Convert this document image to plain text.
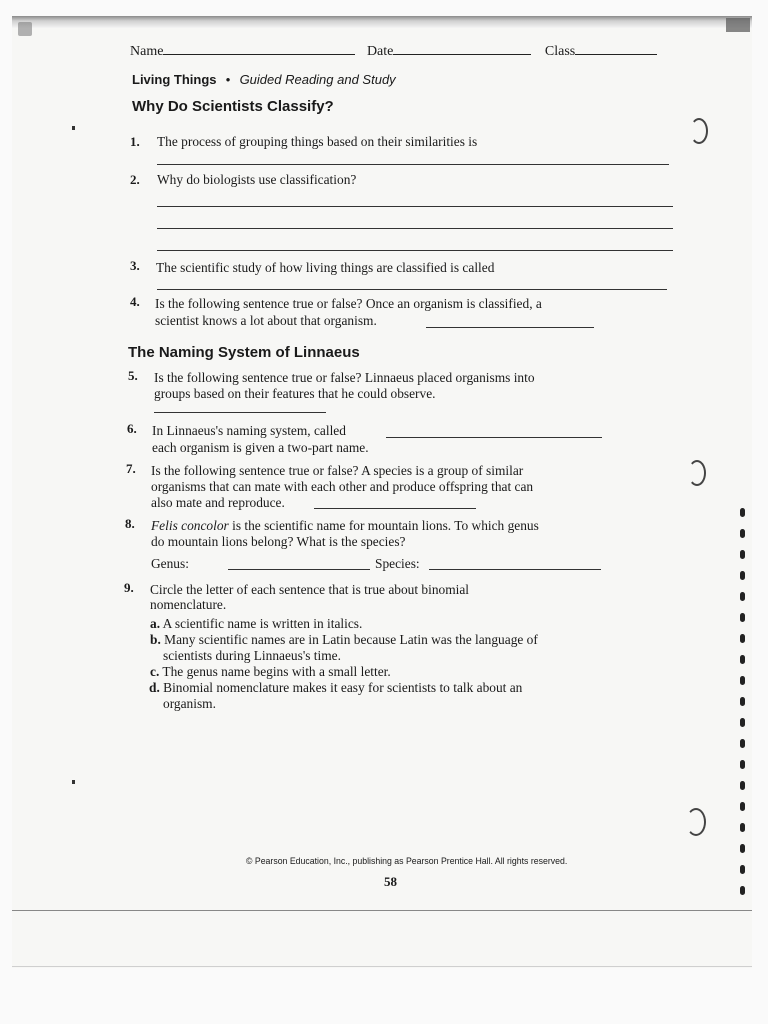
Name	Date	Class
Living Things • Guided Reading and Study
Why Do Scientists Classify?
1. The process of grouping things based on their similarities is
2. Why do biologists use classification?
3. The scientific study of how living things are classified is called
4. Is the following sentence true or false? Once an organism is classified, a
scientist knows a lot about that organism.
The Naming System of Linnaeus
5. Is the following sentence true or false? Linnaeus placed organisms into
groups based on their features that he could observe.
6. In Linnaeus's naming system, called
each organism is given a two-part name.
7. Is the following sentence true or false? A species is a group of similar
organisms that can mate with each other and produce offspring that can
also mate and reproduce.
8. Felis concolor is the scientific name for mountain lions. To which genus
do mountain lions belong? What is the species?
Genus:	Species:
9. Circle the letter of each sentence that is true about binomial
nomenclature.
a. A scientific name is written in italics.
b. Many scientific names are in Latin because Latin was the language of
scientists during Linnaeus's time.
c. The genus name begins with a small letter.
d. Binomial nomenclature makes it easy for scientists to talk about an
organism.
© Pearson Education, Inc., publishing as Pearson Prentice Hall. All rights reserved.
58
